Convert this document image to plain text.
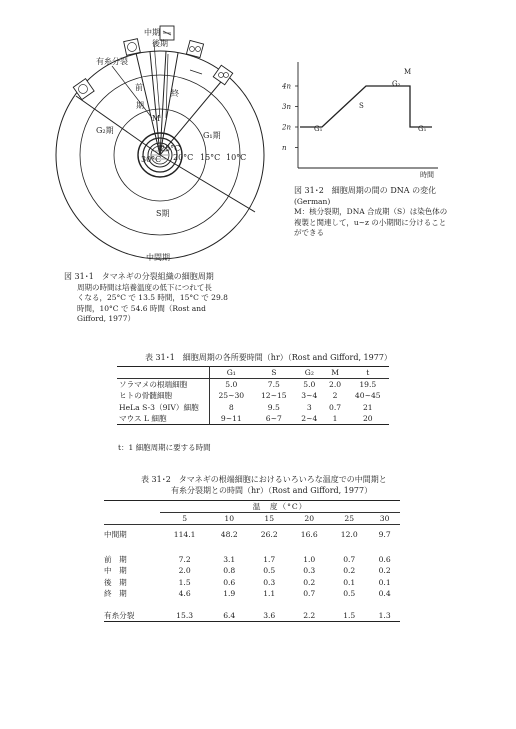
有糸分裂
中期
後期
前
終
期
M
G₂期
G₁期
S期
中間期
25°C
30°C 20°C 15°C 10°C
図 31･1　タマネギの分裂組織の細胞周期
周期の時間は培養温度の低下につれて長
くなる，25°C で 13.5 時間，15°C で 29.8
時間，10°C で 54.6 時間（Rost and
Gifford, 1977）
n
2n
3n
4n
時間
G₁
S
G₂
M
G₁
図 31･2　細胞周期の間の DNA の変化
(German)
M：核分裂期，DNA 合成期（S）は染色体の
複製と関連して，u~z の小期間に分けること
ができる
表 31･1　細胞周期の各所要時間（hr）（Rost and Gifford, 1977）
	G₁	S	G₂	M	t
ソラマメの根端細胞	5.0	7.5	5.0	2.0	19.5
ヒトの骨髄細胞	25~30	12~15	3~4	2	40~45
HeLa S-3（9IV）細胞	8	9.5	3	0.7	21
マウス L 細胞	9~11	6~7	2~4	1	20
t：1 細胞周期に要する時間
表 31･2　タマネギの根端細胞におけるいろいろな温度での中間期と
有糸分裂期との時間（hr）（Rost and Gifford, 1977）
	温　度（°C）					
	5	10	15	20	25	30
中間期	114.1	48.2	26.2	16.6	12.0	9.7

前　期	7.2	3.1	1.7	1.0	0.7	0.6
中　期	2.0	0.8	0.5	0.3	0.2	0.2
後　期	1.5	0.6	0.3	0.2	0.1	0.1
終　期	4.6	1.9	1.1	0.7	0.5	0.4

有糸分裂	15.3	6.4	3.6	2.2	1.5	1.3
